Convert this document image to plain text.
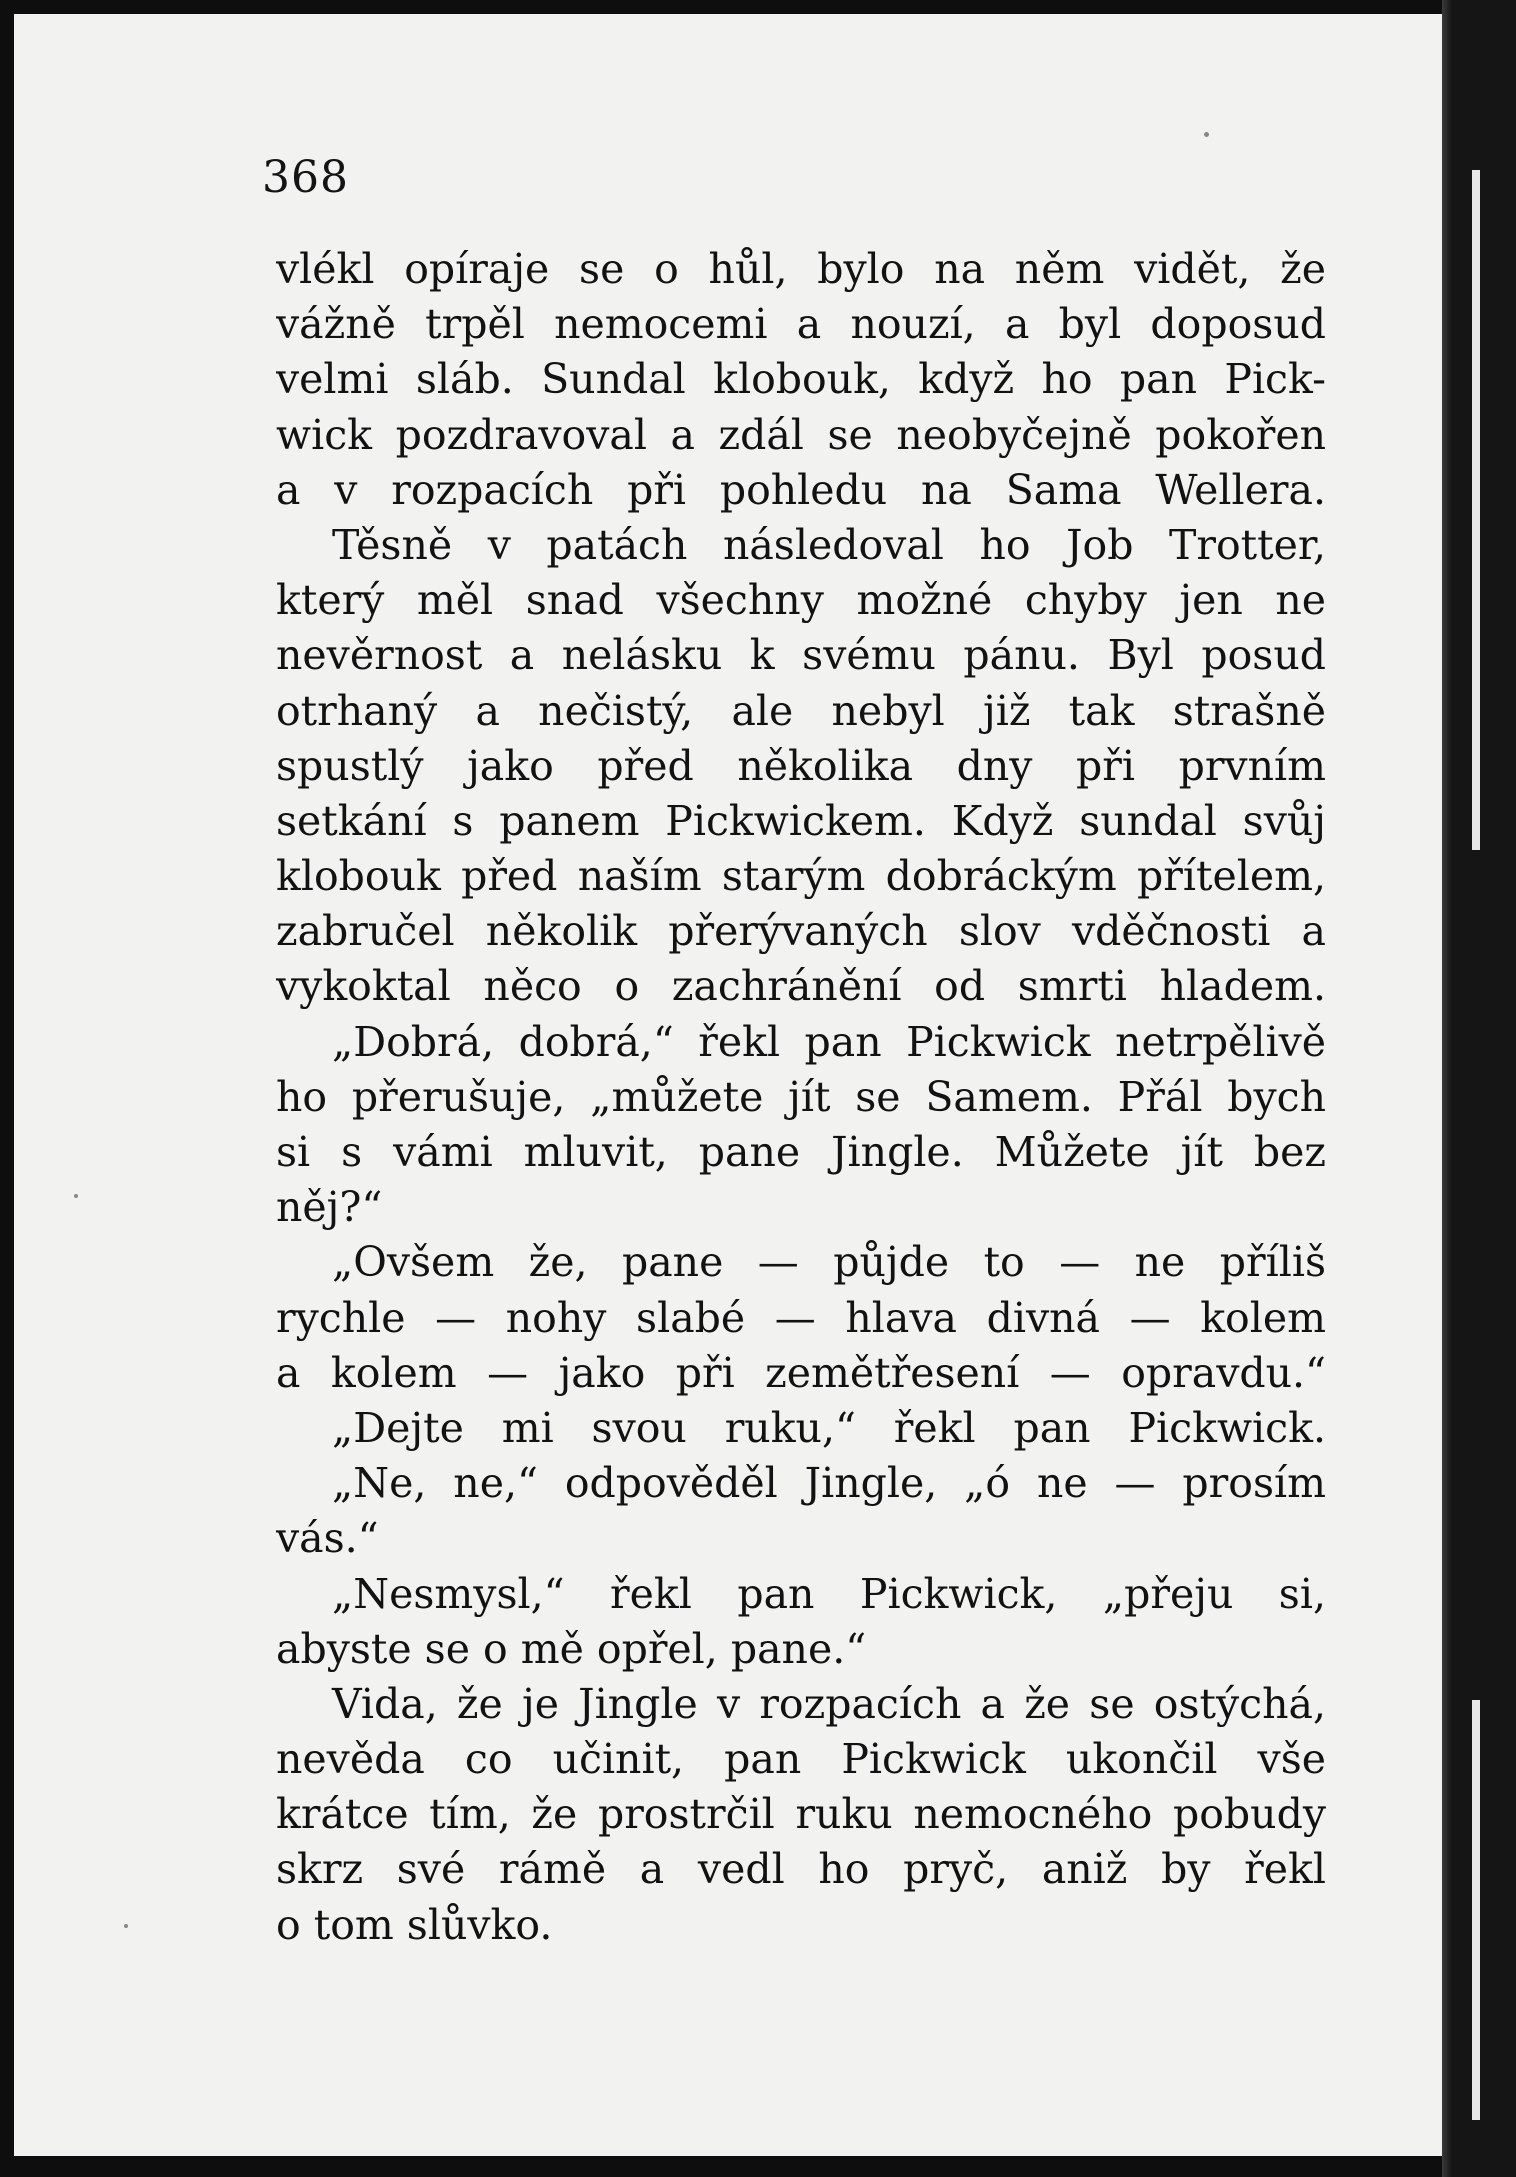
368
vlékl opíraje se o hůl, bylo na něm vidět, že
vážně trpěl nemocemi a nouzí, a byl doposud
velmi sláb. Sundal klobouk, když ho pan Pick-
wick pozdravoval a zdál se neobyčejně pokořen
a v rozpacích při pohledu na Sama Wellera.
Těsně v patách následoval ho Job Trotter,
který měl snad všechny možné chyby jen ne
nevěrnost a nelásku k svému pánu. Byl posud
otrhaný a nečistý, ale nebyl již tak strašně
spustlý jako před několika dny při prvním
setkání s panem Pickwickem. Když sundal svůj
klobouk před naším starým dobráckým přítelem,
zabručel několik přerývaných slov vděčnosti a
vykoktal něco o zachránění od smrti hladem.
„Dobrá, dobrá,“ řekl pan Pickwick netrpělivě
ho přerušuje, „můžete jít se Samem. Přál bych
si s vámi mluvit, pane Jingle. Můžete jít bez
něj?“
„Ovšem že, pane — půjde to — ne příliš
rychle — nohy slabé — hlava divná — kolem
a kolem — jako při zemětřesení — opravdu.“
„Dejte mi svou ruku,“ řekl pan Pickwick.
„Ne, ne,“ odpověděl Jingle, „ó ne — prosím
vás.“
„Nesmysl,“ řekl pan Pickwick, „přeju si,
abyste se o mě opřel, pane.“
Vida, že je Jingle v rozpacích a že se ostýchá,
nevěda co učinit, pan Pickwick ukončil vše
krátce tím, že prostrčil ruku nemocného pobudy
skrz své rámě a vedl ho pryč, aniž by řekl
o tom slůvko.
